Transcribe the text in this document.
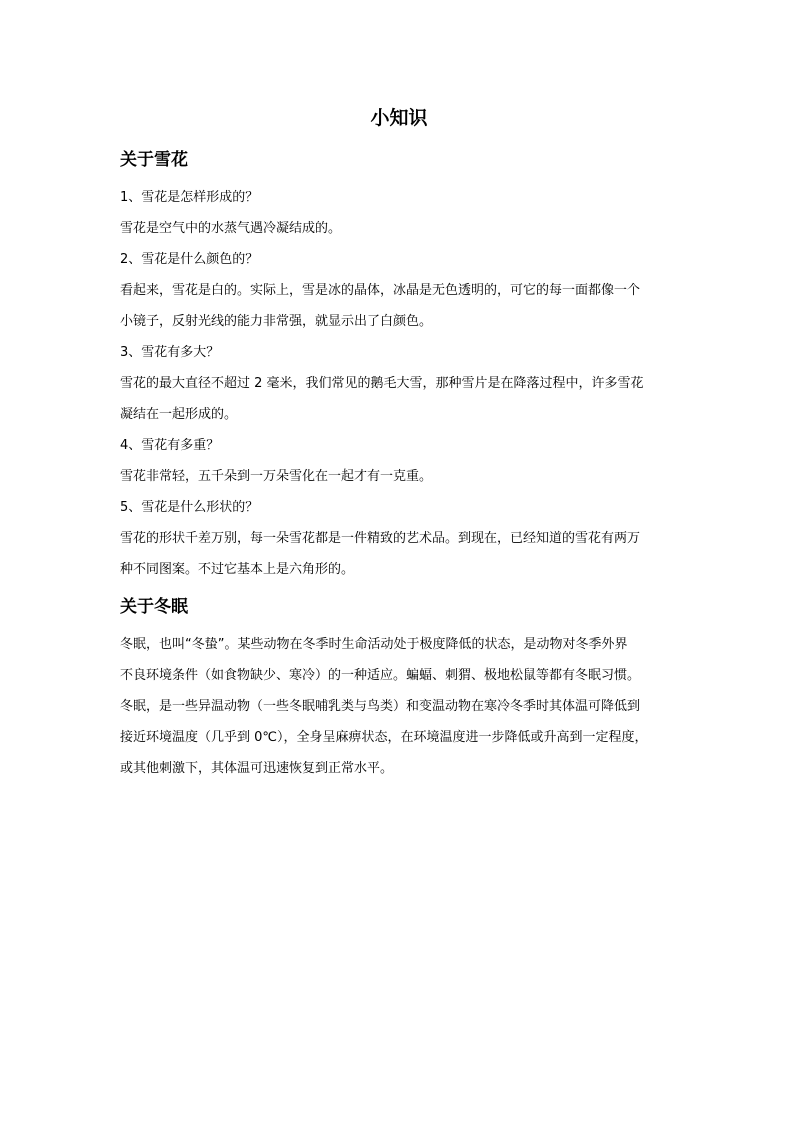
小知识
关于雪花

1、雪花是怎样形成的？

雪花是空气中的水蒸气遇冷凝结成的。

2、雪花是什么颜色的？

看起来，雪花是白的。实际上，雪是冰的晶体，冰晶是无色透明的，可它的每一面都像一个

小镜子，反射光线的能力非常强，就显示出了白颜色。

3、雪花有多大？

雪花的最大直径不超过 2 毫米，我们常见的鹅毛大雪，那种雪片是在降落过程中，许多雪花

凝结在一起形成的。

4、雪花有多重？

雪花非常轻，五千朵到一万朵雪化在一起才有一克重。

5、雪花是什么形状的？

雪花的形状千差万别，每一朵雪花都是一件精致的艺术品。到现在，已经知道的雪花有两万

种不同图案。不过它基本上是六角形的。

关于冬眠

冬眠，也叫“冬蛰”。某些动物在冬季时生命活动处于极度降低的状态，是动物对冬季外界

不良环境条件（如食物缺少、寒冷）的一种适应。蝙蝠、刺猬、极地松鼠等都有冬眠习惯。

冬眠，是一些异温动物（一些冬眠哺乳类与鸟类）和变温动物在寒冷冬季时其体温可降低到

接近环境温度（几乎到 0℃），全身呈麻痹状态，在环境温度进一步降低或升高到一定程度，

或其他刺激下，其体温可迅速恢复到正常水平。
